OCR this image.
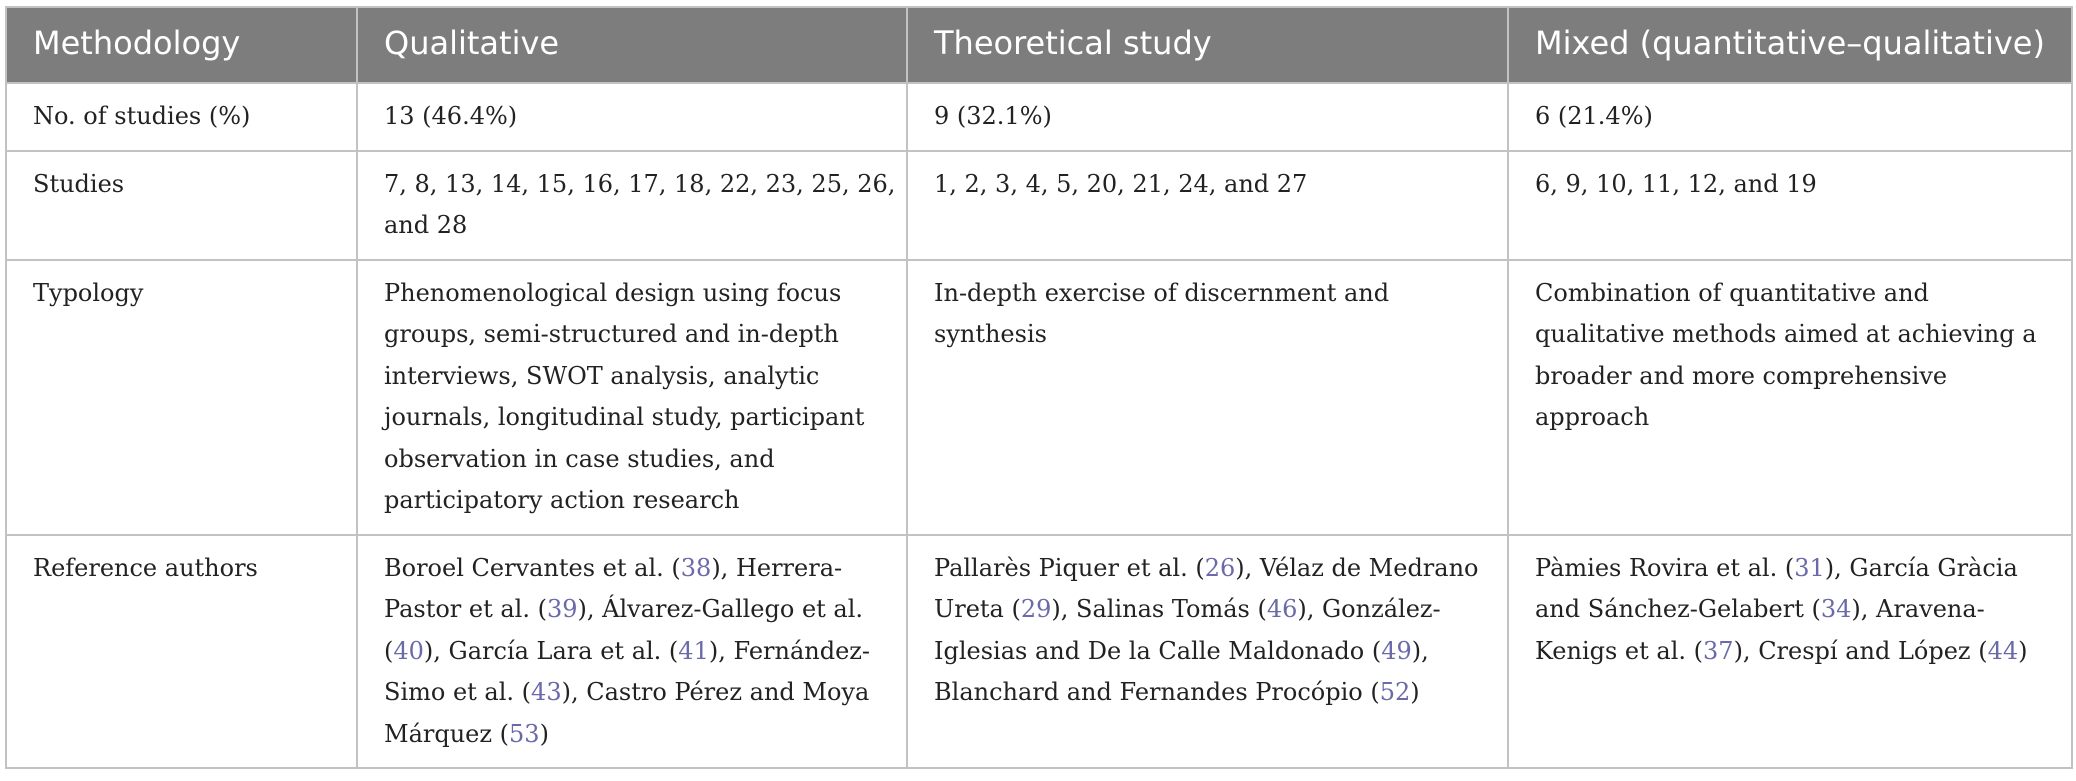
Methodology	Qualitative	Theoretical study	Mixed (quantitative–qualitative)
No. of studies (%)	13 (46.4%)	9 (32.1%)	6 (21.4%)
Studies	7, 8, 13, 14, 15, 16, 17, 18, 22, 23, 25, 26, and 28	1, 2, 3, 4, 5, 20, 21, 24, and 27	6, 9, 10, 11, 12, and 19
Typology	Phenomenological design using focus groups, semi-structured and in-depth interviews, SWOT analysis, analytic journals, longitudinal study, participant observation in case studies, and participatory action research	In-depth exercise of discernment and synthesis	Combination of quantitative and qualitative methods aimed at achieving a broader and more comprehensive approach
Reference authors	Boroel Cervantes et al. (38), Herrera-Pastor et al. (39), Álvarez-Gallego et al. (40), García Lara et al. (41), Fernández-Simo et al. (43), Castro Pérez and Moya Márquez (53)	Pallarès Piquer et al. (26), Vélaz de Medrano Ureta (29), Salinas Tomás (46), González-Iglesias and De la Calle Maldonado (49), Blanchard and Fernandes Procópio (52)	Pàmies Rovira et al. (31), García Gràcia and Sánchez-Gelabert (34), Aravena-Kenigs et al. (37), Crespí and López (44)
